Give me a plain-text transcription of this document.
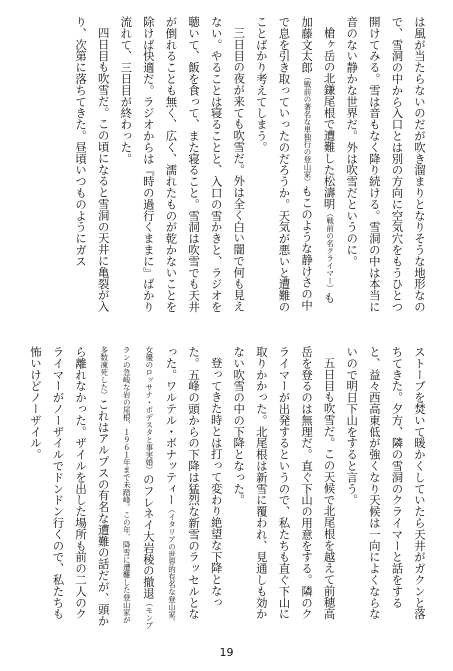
は風が当たらないのだが吹き溜まりとなりそうな地形なので、雪洞の中から入口とは別の方向に空気穴をもうひとつ開けてみる。雪は音もなく降り続ける。雪洞の中は本当に音のない静かな世界だ。外は吹雪だというのに。

槍ヶ岳の北鎌尾根で遭難した松濤明（戦前の名クライマー）も加藤文太郎（戦前の著名な単独行の登山家）もこのような静けさの中で息を引き取っていったのだろうか。天気が悪いと遭難のことばかり考えてしまう。

三日目の夜が来ても吹雪だ。外は全く白い闇で何も見えない。やることは寝ることと、入口の雪かきと、ラジオを聴いて、飯を食って、また寝ること。雪洞は吹雪でも天井が倒れることも無く、広く、濡れたものが乾かないことを除けば快適だ。ラジオからは『時の過行くままに』ばかり流れて、三日目が終わった。

四日目も吹雪だ。この頃になると雪洞の天井に亀裂が入り、次第に落ちてきた。昼頃いつものようにガス

ストーブを焚いて暖かくしていたら天井がガクンと落ちてきた。夕方、隣の雪洞のクライマーと話をすると、益々西高東低が強くなり天候は一向によくならないので明日下山をすると言う。

五日目も吹雪だ。この天候で北尾根を越えて前穂高岳を登るのは無理だ。直ぐ下山の用意をする。隣のクライマーが出発するというので、私たちも直ぐ下山に取りかかった。北尾根は新雪に覆われ、見通しも効かない吹雪の中の下降となった。

登ってきた時とは打って変わり絶望な下降となった。五峰の頭からの下降は猛烈な新雪のラッセルとなった。ワルテル・ボナッティー（イタリアの世界的有名な登山家。女優のロッサナ・ポデスタと事実婚）のフレネイ大岩稜の撤退（モンブランの急峻な岩の尾根、１９６１年まで未踏峰。この年、降雪に遭難した登山家が多数凍死した）これはアルプスの有名な遭難の話だが、頭から離れなかった。ザイルを出した場所も前の二人のクライマーがノーザイルでドンドン行くので、私たちも怖いけどノーザイル。

19
